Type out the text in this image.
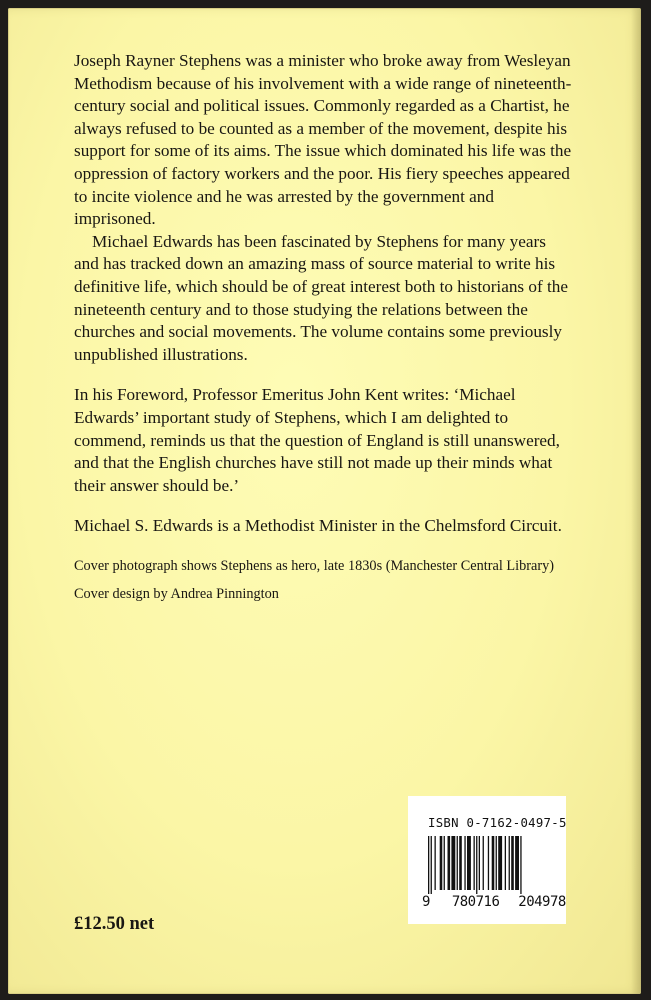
Joseph Rayner Stephens was a minister who broke away from Wesleyan Methodism because of his involvement with a wide range of nineteenth-century social and political issues. Commonly regarded as a Chartist, he always refused to be counted as a member of the movement, despite his support for some of its aims. The issue which dominated his life was the oppression of factory workers and the poor. His fiery speeches appeared to incite violence and he was arrested by the government and imprisoned.

Michael Edwards has been fascinated by Stephens for many years and has tracked down an amazing mass of source material to write his definitive life, which should be of great interest both to historians of the nineteenth century and to those studying the relations between the churches and social movements. The volume contains some previously unpublished illustrations.

In his Foreword, Professor Emeritus John Kent writes: ‘Michael Edwards’ important study of Stephens, which I am delighted to commend, reminds us that the question of England is still unanswered, and that the English churches have still not made up their minds what their answer should be.’

Michael S. Edwards is a Methodist Minister in the Chelmsford Circuit.

Cover photograph shows Stephens as hero, late 1830s (Manchester Central Library)

Cover design by Andrea Pinnington

ISBN 0-7162-0497-5
9 780716 204978
£12.50 net
